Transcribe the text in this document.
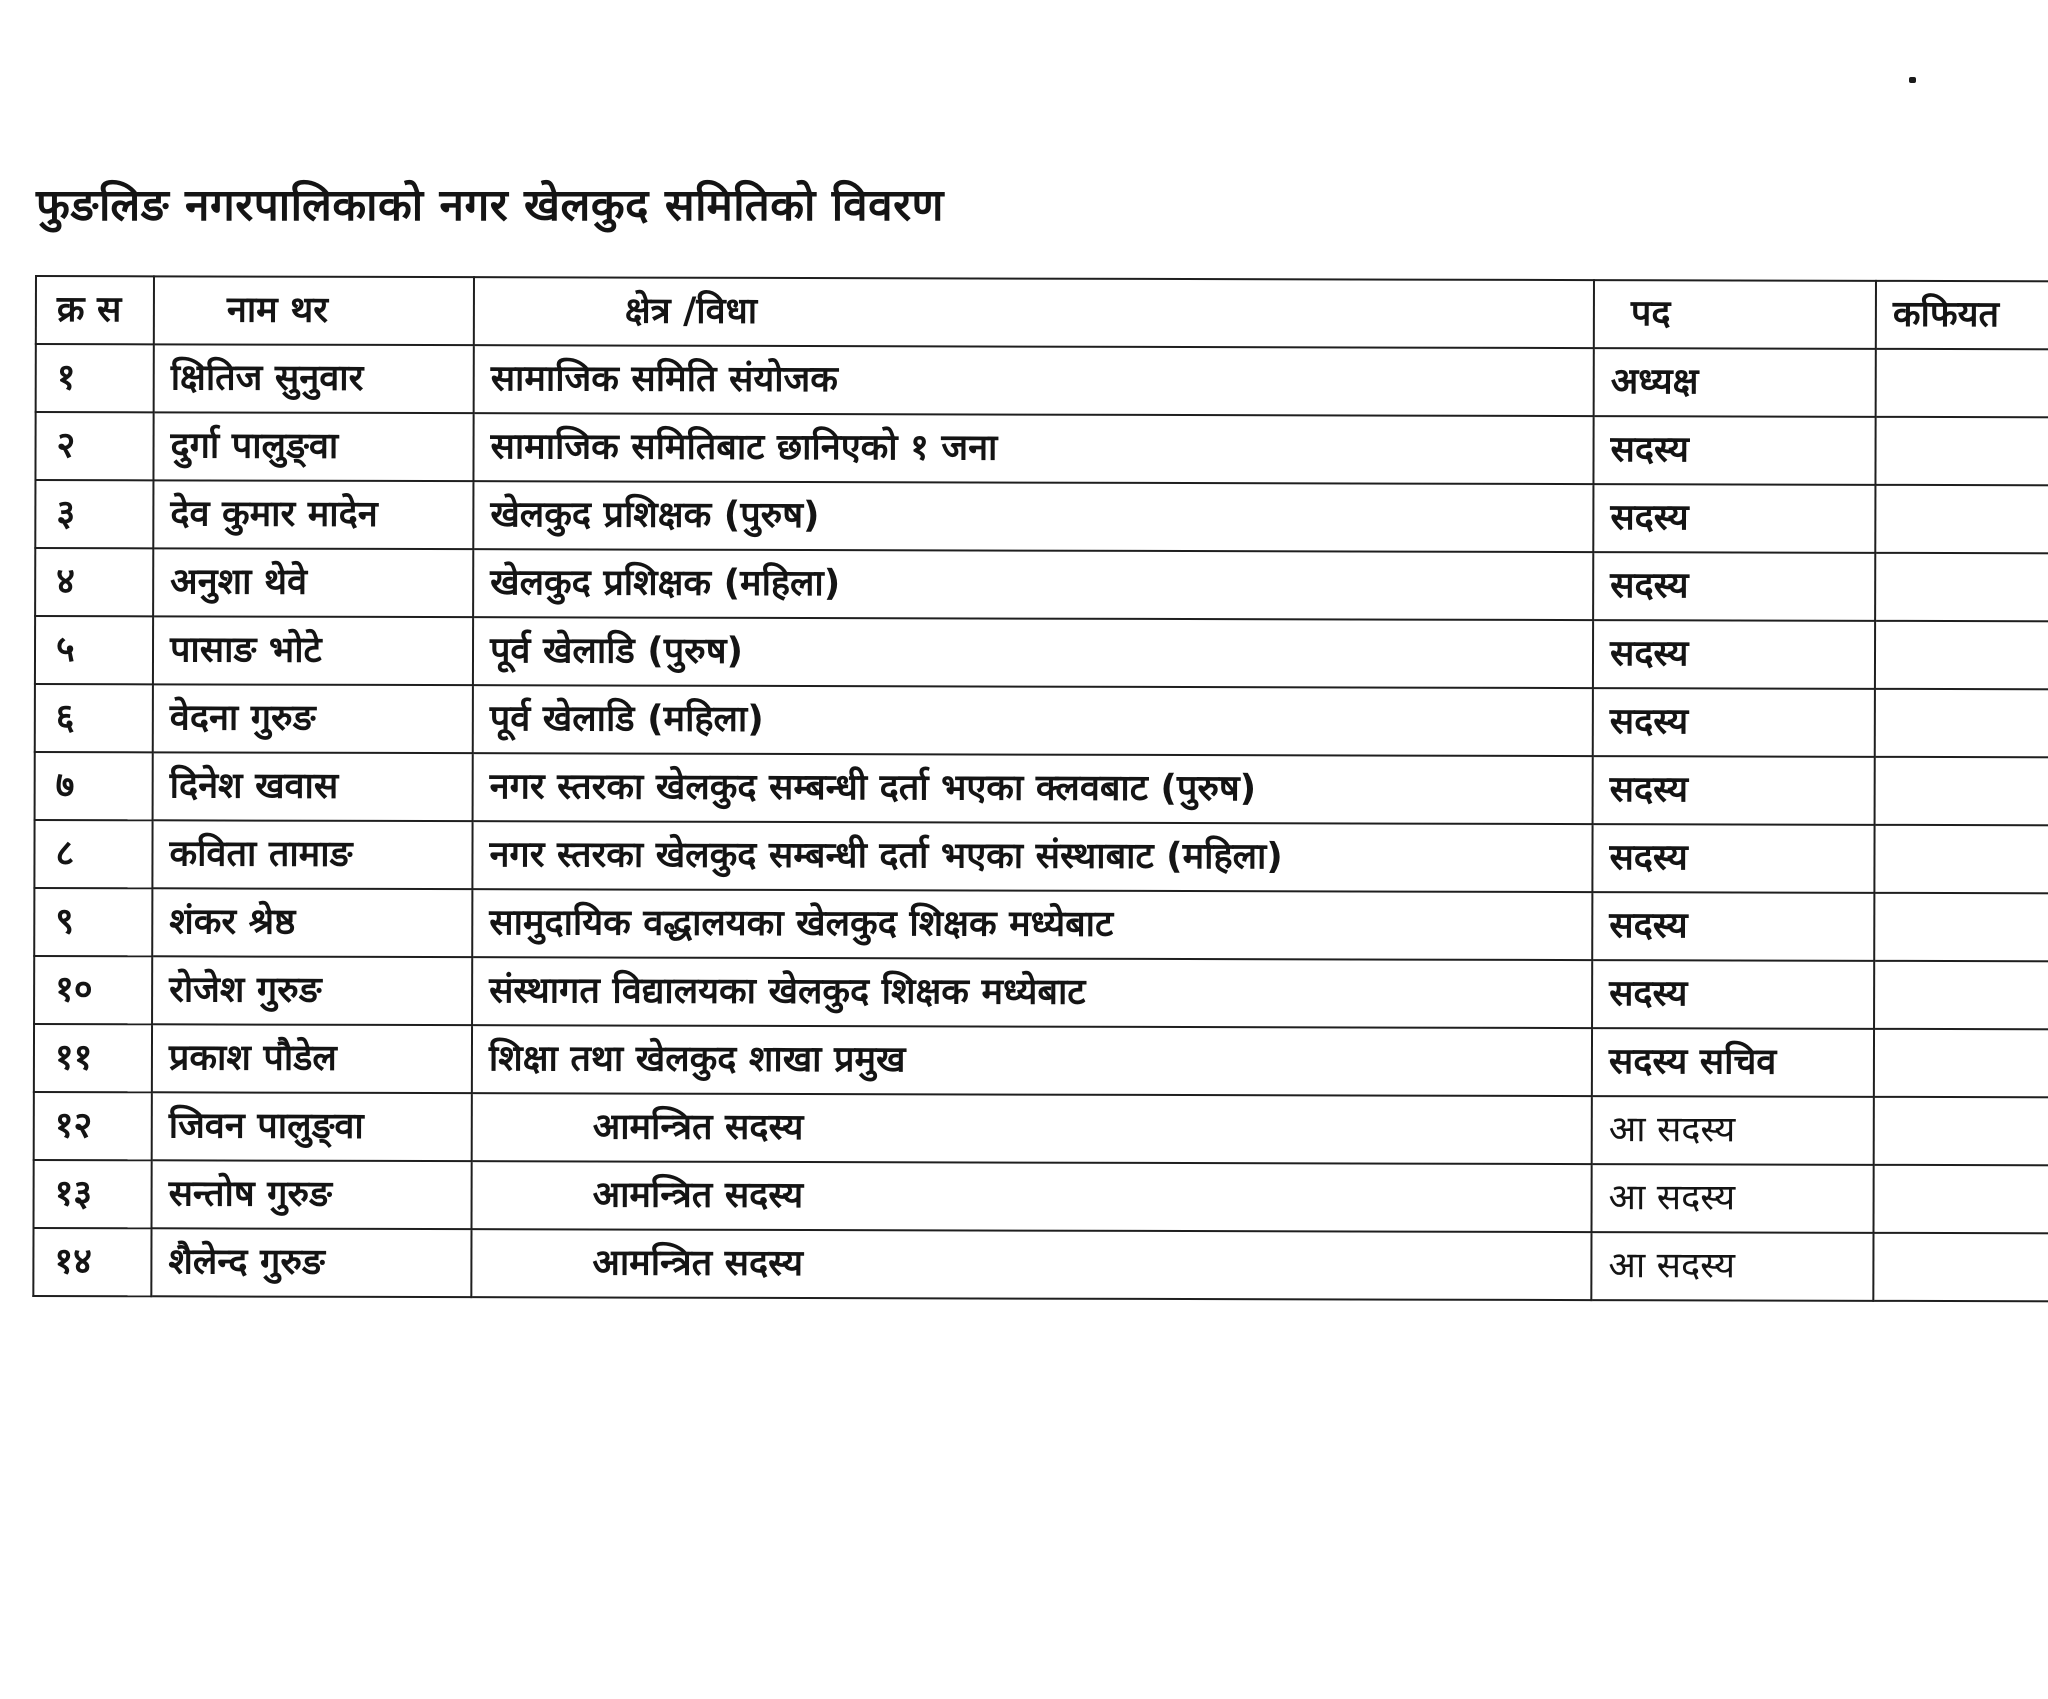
फुङलिङ नगरपालिकाको नगर खेलकुद समितिको विवरण
क्र स	नाम थर	क्षेत्र /विधा	पद	कफियत
१	क्षितिज सुनुवार	सामाजिक समिति संयोजक	अध्यक्ष	
२	दुर्गा पालुङ्वा	सामाजिक समितिबाट छानिएको १ जना	सदस्य	
३	देव कुमार मादेन	खेलकुद प्रशिक्षक (पुरुष)	सदस्य	
४	अनुशा थेवे	खेलकुद प्रशिक्षक (महिला)	सदस्य	
५	पासाङ भोटे	पूर्व खेलाडि (पुरुष)	सदस्य	
६	वेदना गुरुङ	पूर्व खेलाडि (महिला)	सदस्य	
७	दिनेश खवास	नगर स्तरका खेलकुद सम्बन्धी दर्ता भएका क्लवबाट (पुरुष)	सदस्य	
८	कविता तामाङ	नगर स्तरका खेलकुद सम्बन्धी दर्ता भएका संस्थाबाट (महिला)	सदस्य	
९	शंकर श्रेष्ठ	सामुदायिक वद्धालयका खेलकुद शिक्षक मध्येबाट	सदस्य	
१०	रोजेश गुरुङ	संस्थागत विद्यालयका खेलकुद शिक्षक मध्येबाट	सदस्य	
११	प्रकाश पौडेल	शिक्षा तथा खेलकुद शाखा प्रमुख	सदस्य सचिव	
१२	जिवन पालुङ्वा	आमन्त्रित सदस्य	आ सदस्य	
१३	सन्तोष गुरुङ	आमन्त्रित सदस्य	आ सदस्य	
१४	शैलेन्द गुरुङ	आमन्त्रित सदस्य	आ सदस्य	
